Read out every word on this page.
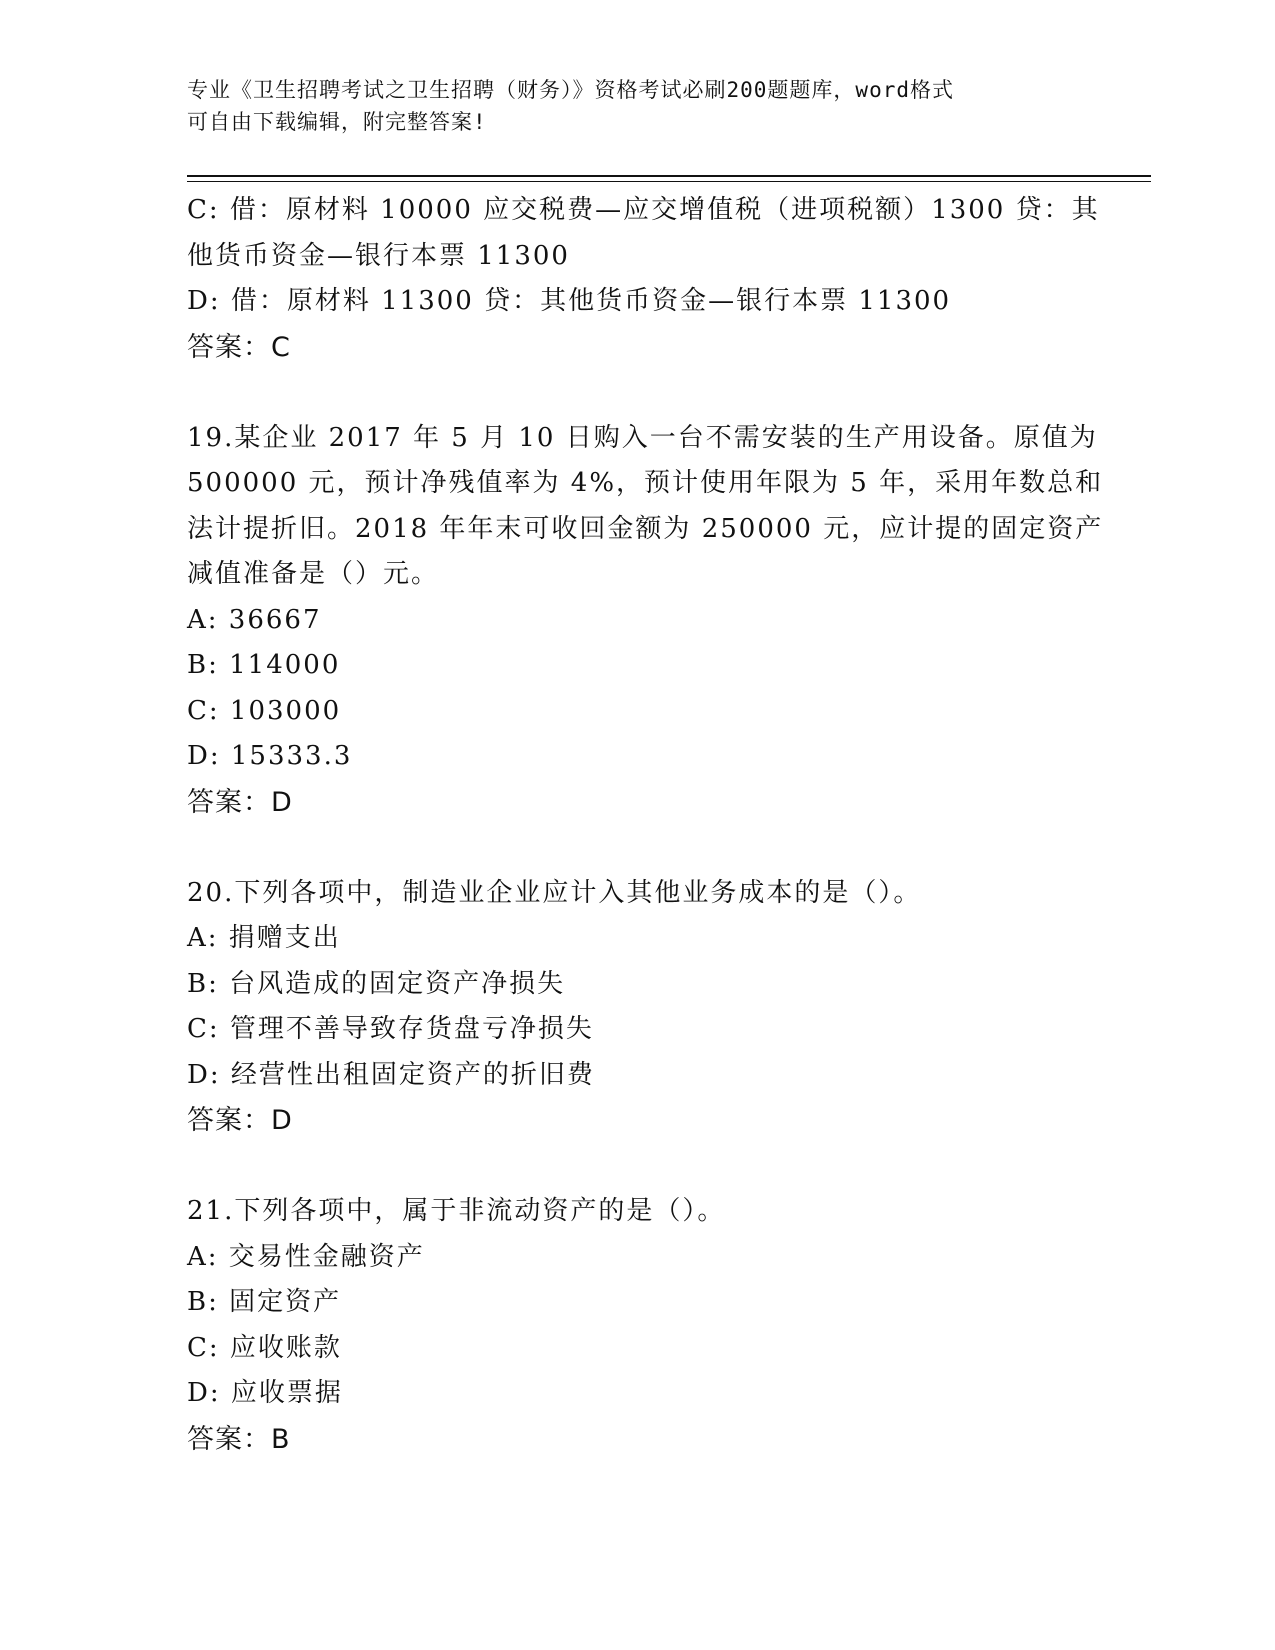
专业《卫生招聘考试之卫生招聘（财务）》资格考试必刷200题题库，word格式
可自由下载编辑，附完整答案!
C: 借：原材料 10000 应交税费—应交增值税（进项税额）1300 贷：其
他货币资金—银行本票 11300
D: 借：原材料 11300 贷：其他货币资金—银行本票 11300
答案：C
19.某企业 2017 年 5 月 10 日购入一台不需安装的生产用设备。原值为
500000 元，预计净残值率为 4%，预计使用年限为 5 年，采用年数总和
法计提折旧。2018 年年末可收回金额为 250000 元，应计提的固定资产
减值准备是（）元。
A: 36667
B: 114000
C: 103000
D: 15333.3
答案：D
20.下列各项中，制造业企业应计入其他业务成本的是（）。
A: 捐赠支出
B: 台风造成的固定资产净损失
C: 管理不善导致存货盘亏净损失
D: 经营性出租固定资产的折旧费
答案：D
21.下列各项中，属于非流动资产的是（）。
A: 交易性金融资产
B: 固定资产
C: 应收账款
D: 应收票据
答案：B
